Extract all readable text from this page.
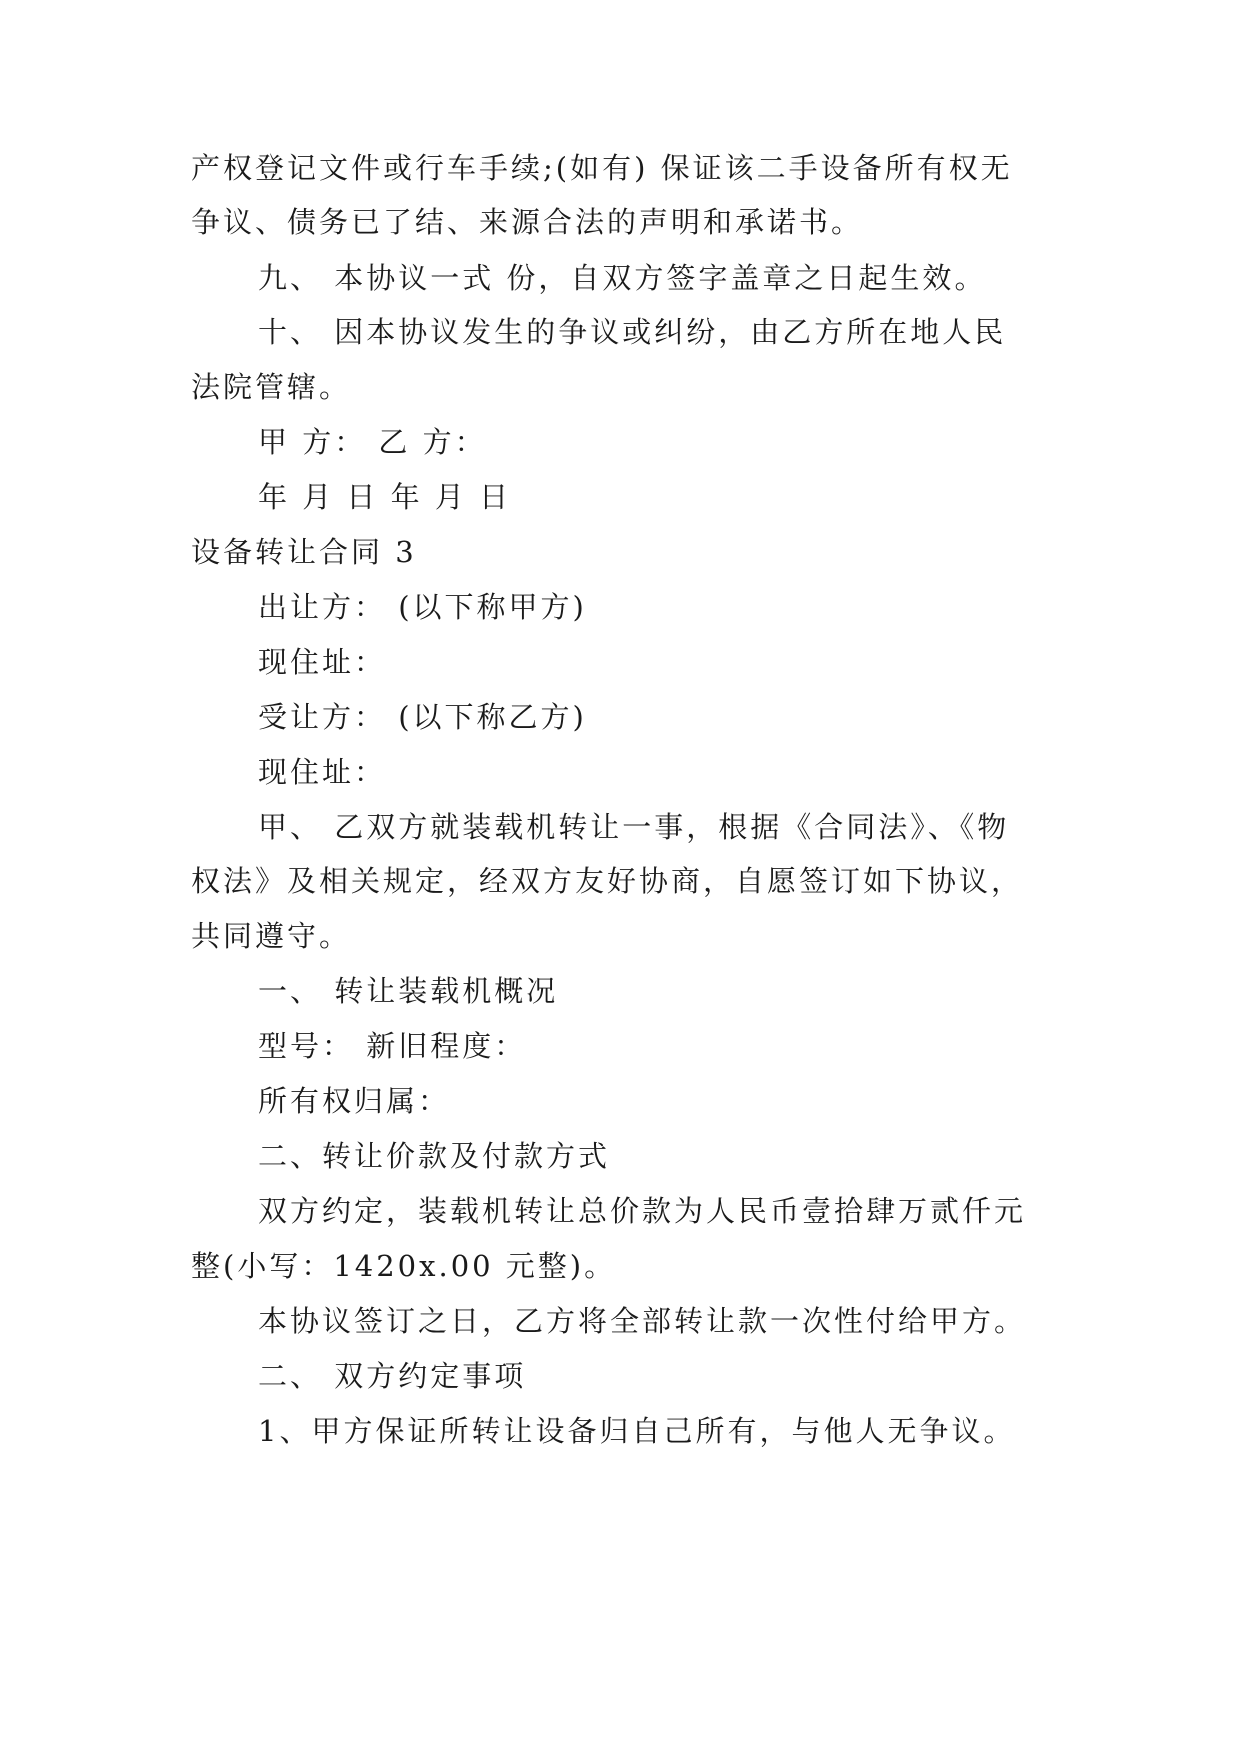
产权登记文件或行车手续;(如有) 保证该二手设备所有权无
争议、债务已了结、来源合法的声明和承诺书。
九、 本协议一式 份，自双方签字盖章之日起生效。
十、 因本协议发生的争议或纠纷，由乙方所在地人民
法院管辖。
甲 方： 乙 方：
年 月 日 年 月 日
设备转让合同 3
出让方： (以下称甲方)
现住址：
受让方： (以下称乙方)
现住址：
甲、 乙双方就装载机转让一事，根据《合同法》、《物
权法》及相关规定，经双方友好协商，自愿签订如下协议，
共同遵守。
一、 转让装载机概况
型号： 新旧程度：
所有权归属：
二、转让价款及付款方式
双方约定，装载机转让总价款为人民币壹拾肆万贰仟元
整(小写：1420x.00 元整)。
本协议签订之日，乙方将全部转让款一次性付给甲方。
二、 双方约定事项
1、甲方保证所转让设备归自己所有，与他人无争议。
